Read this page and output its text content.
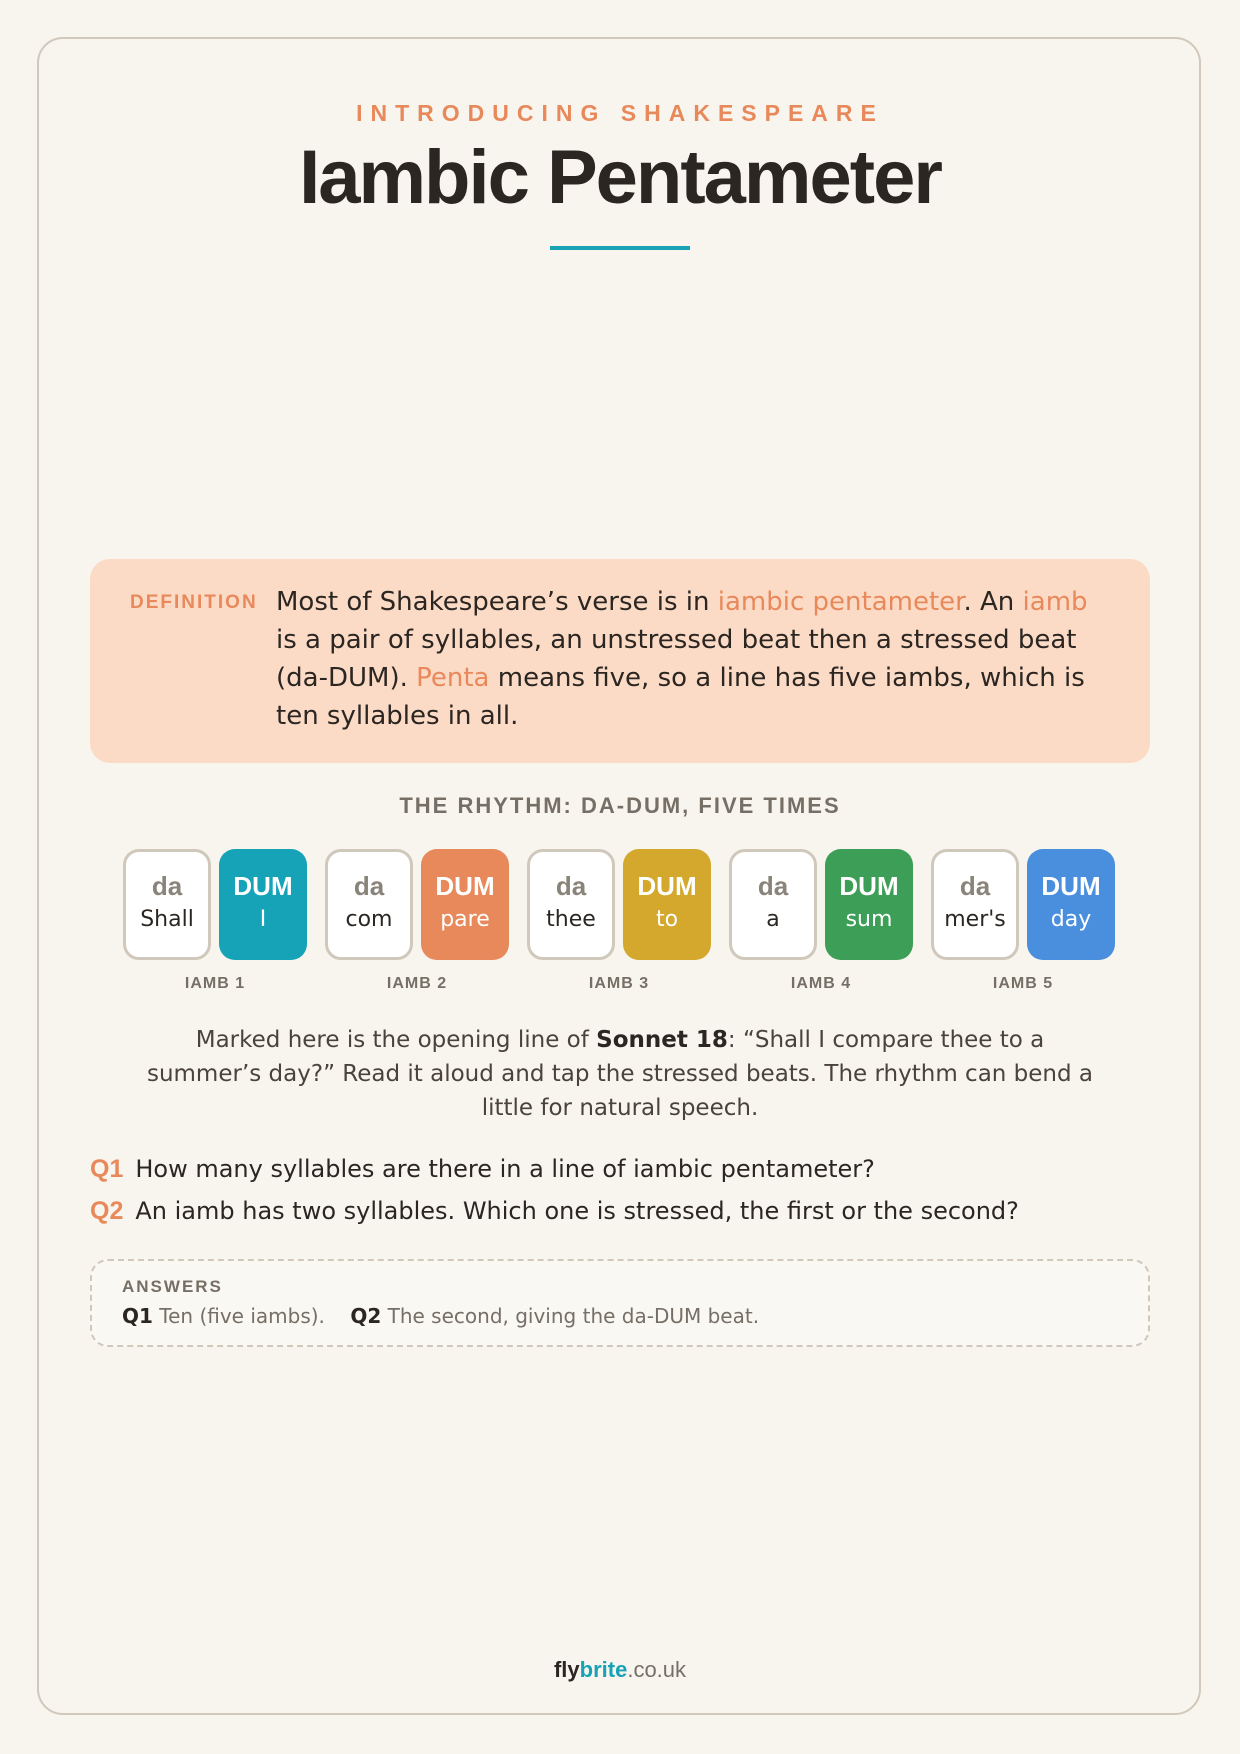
INTRODUCING SHAKESPEARE
Iambic Pentameter
DEFINITION Most of Shakespeare’s verse is in iambic pentameter. An iamb is a pair of syllables, an unstressed beat then a stressed beat (da-DUM). Penta means five, so a line has five iambs, which is ten syllables in all.
THE RHYTHM: DA-DUM, FIVE TIMES
da
Shall
DUM
I
IAMB 1
da
com
DUM
pare
IAMB 2
da
thee
DUM
to
IAMB 3
da
a
DUM
sum
IAMB 4
da
mer's
DUM
day
IAMB 5
Marked here is the opening line of Sonnet 18: “Shall I compare thee to a summer’s day?” Read it aloud and tap the stressed beats. The rhythm can bend a little for natural speech.
Q1 How many syllables are there in a line of iambic pentameter?
Q2 An iamb has two syllables. Which one is stressed, the first or the second?
ANSWERS
Q1 Ten (five iambs). Q2 The second, giving the da-DUM beat.
flybrite.co.uk
